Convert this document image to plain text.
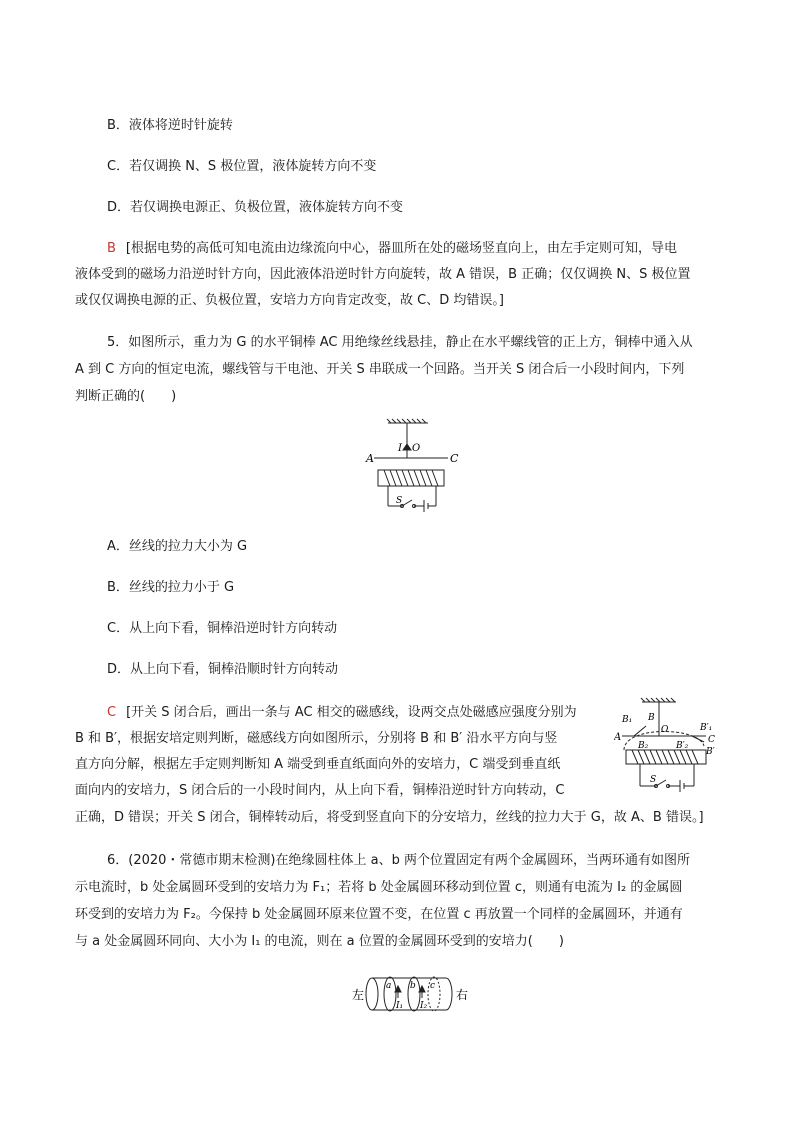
B．液体将逆时针旋转
C．若仅调换 N、S 极位置，液体旋转方向不变
D．若仅调换电源正、负极位置，液体旋转方向不变
B [根据电势的高低可知电流由边缘流向中心，器皿所在处的磁场竖直向上，由左手定则可知，导电
液体受到的磁场力沿逆时针方向，因此液体沿逆时针方向旋转，故 A 错误，B 正确；仅仅调换 N、S 极位置
或仅仅调换电源的正、负极位置，安培力方向肯定改变，故 C、D 均错误。]
5．如图所示，重力为 G 的水平铜棒 AC 用绝缘丝线悬挂，静止在水平螺线管的正上方，铜棒中通入从
A 到 C 方向的恒定电流，螺线管与干电池、开关 S 串联成一个回路。当开关 S 闭合后一小段时间内，下列
判断正确的(　　)
A	C
I O
S
A．丝线的拉力大小为 G
B．丝线的拉力小于 G
C．从上向下看，铜棒沿逆时针方向转动
D．从上向下看，铜棒沿顺时针方向转动
C [开关 S 闭合后，画出一条与 AC 相交的磁感线，设两交点处磁感应强度分别为
B 和 B′，根据安培定则判断，磁感线方向如图所示，分别将 B 和 B′ 沿水平方向与竖
直方向分解，根据左手定则判断知 A 端受到垂直纸面向外的安培力，C 端受到垂直纸
面向内的安培力，S 闭合后的一小段时间内，从上向下看，铜棒沿逆时针方向转动，C
正确，D 错误；开关 S 闭合，铜棒转动后，将受到竖直向下的分安培力，丝线的拉力大于 G，故 A、B 错误。]
A
B₁ B
O	B′₁
C
B₂
B′
B′₂
S
6．(2020・常德市期末检测)在绝缘圆柱体上 a、b 两个位置固定有两个金属圆环，当两环通有如图所
示电流时，b 处金属圆环受到的安培力为 F₁；若将 b 处金属圆环移动到位置 c，则通有电流为 I₂ 的金属圆
环受到的安培力为 F₂。今保持 b 处金属圆环原来位置不变，在位置 c 再放置一个同样的金属圆环，并通有
与 a 处金属圆环同向、大小为 I₁ 的电流，则在 a 位置的金属圆环受到的安培力(　　)
左	右
a b c
I₁ I₂
